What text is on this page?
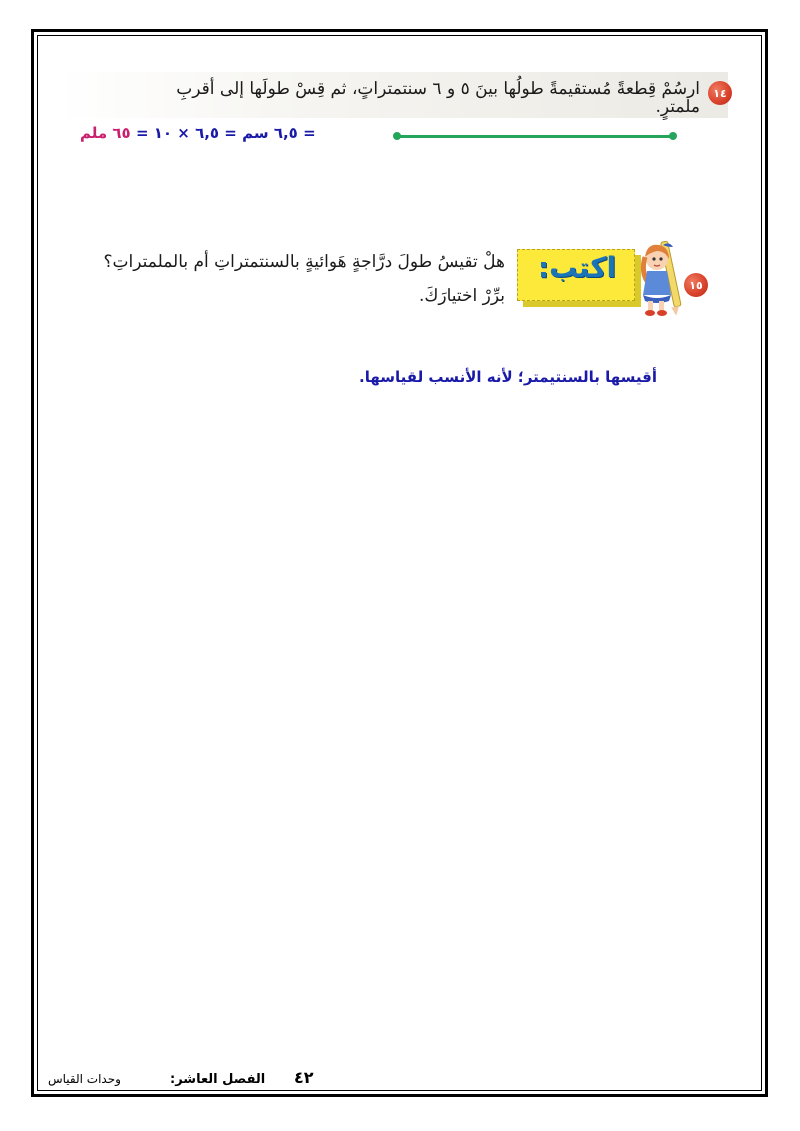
١٤
ارسُمْ قِطعةً مُستقيمةً طولُها بينَ ٥ و ٦ سنتمتراتٍ، ثم قِسْ طولَها إلى أقربِ
ملمترٍ.
= ٦,٥ سم = ٦,٥ × ١٠ = ٦٥ ملم
١٥
اكتب:
هلْ تقيسُ طولَ درَّاجةٍ هَوائيةٍ بالسنتمتراتِ أم بالملمتراتِ؟
برِّرْ اختيارَكَ.
أقيسها بالسنتيمتر؛ لأنه الأنسب لقياسها.
٤٢
الفصل العاشر:
وحدات القياس
